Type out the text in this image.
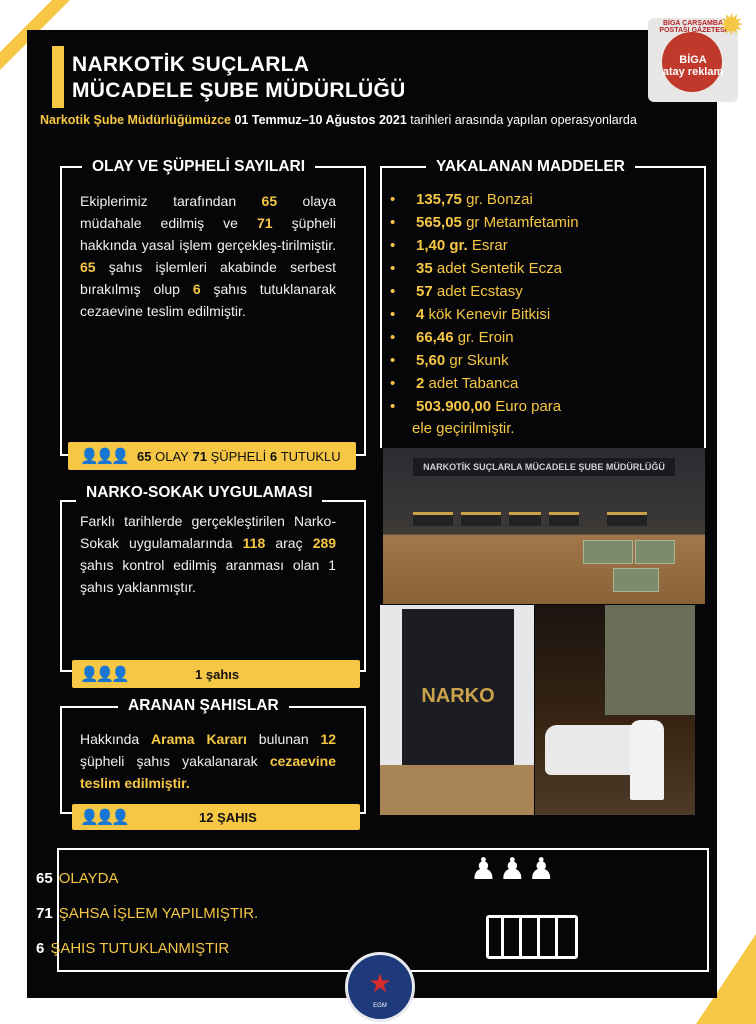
NARKOTİK SUÇLARLA
MÜCADELE ŞUBE MÜDÜRLÜĞÜ
Narkotik Şube Müdürlüğümüzce 01 Temmuz–10 Ağustos 2021 tarihleri arasında yapılan operasyonlarda
BİGA ÇARŞAMBA POSTASI GAZETESİ
BİGA
atay reklam
✹
OLAY VE ŞÜPHELİ SAYILARI
Ekiplerimiz tarafından 65 olaya müdahale edilmiş ve 71 şüpheli hakkında yasal işlem gerçekleş-tirilmiştir. 65 şahıs işlemleri akabinde serbest bırakılmış olup 6 şahıs tutuklanarak cezaevine teslim edilmiştir.
👤👤👤 65
OLAY
71
ŞÜPHELİ
6
TUTUKLU
NARKO-SOKAK UYGULAMASI
Farklı tarihlerde gerçekleştirilen Narko-Sokak uygulamalarında 118 araç 289 şahıs kontrol edilmiş aranması olan 1 şahıs yaklanmıştır.
👤👤👤	1 şahıs
ARANAN ŞAHISLAR
Hakkında Arama Kararı bulunan 12 şüpheli şahıs yakalanarak cezaevine teslim edilmiştir.
👤👤👤	12 ŞAHIS
YAKALANAN MADDELER
• 135,75 gr. Bonzai
• 565,05 gr Metamfetamin
• 1,40 gr. Esrar
• 35 adet Sentetik Ecza
• 57 adet Ecstasy
• 4 kök Kenevir Bitkisi
• 66,46 gr. Eroin
• 5,60 gr Skunk
• 2 adet Tabanca
• 503.900,00 Euro para
ele geçirilmiştir.
NARKOTİK SUÇLARLA MÜCADELE ŞUBE MÜDÜRLÜĞÜ
NARKO
65 OLAYDA
71 ŞAHSA İŞLEM YAPILMIŞTIR.
6 ŞAHIS TUTUKLANMIŞTIR
♟♟♟
★
EGM
